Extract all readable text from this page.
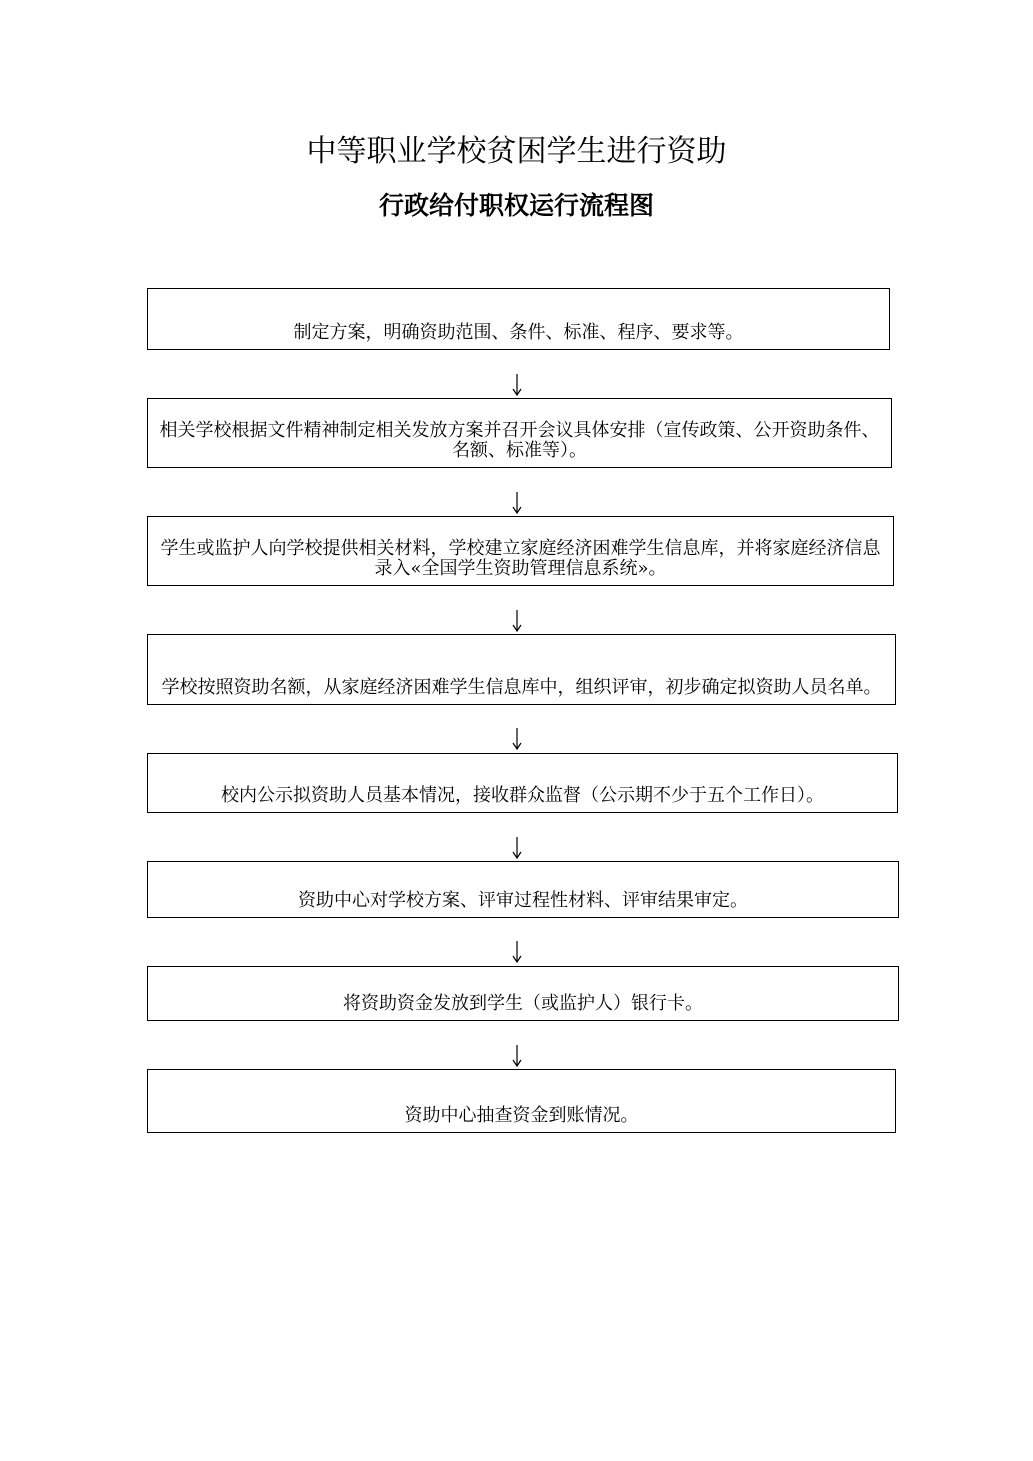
中等职业学校贫困学生进行资助
行政给付职权运行流程图
制定方案，明确资助范围、条件、标准、程序、要求等。
相关学校根据文件精神制定相关发放方案并召开会议具体安排（宣传政策、公开资助条件、名额、标准等）。
学生或监护人向学校提供相关材料，学校建立家庭经济困难学生信息库，并将家庭经济信息录入«全国学生资助管理信息系统»。
学校按照资助名额，从家庭经济困难学生信息库中，组织评审，初步确定拟资助人员名单。
校内公示拟资助人员基本情况，接收群众监督（公示期不少于五个工作日）。
资助中心对学校方案、评审过程性材料、评审结果审定。
将资助资金发放到学生（或监护人）银行卡。
资助中心抽查资金到账情况。
